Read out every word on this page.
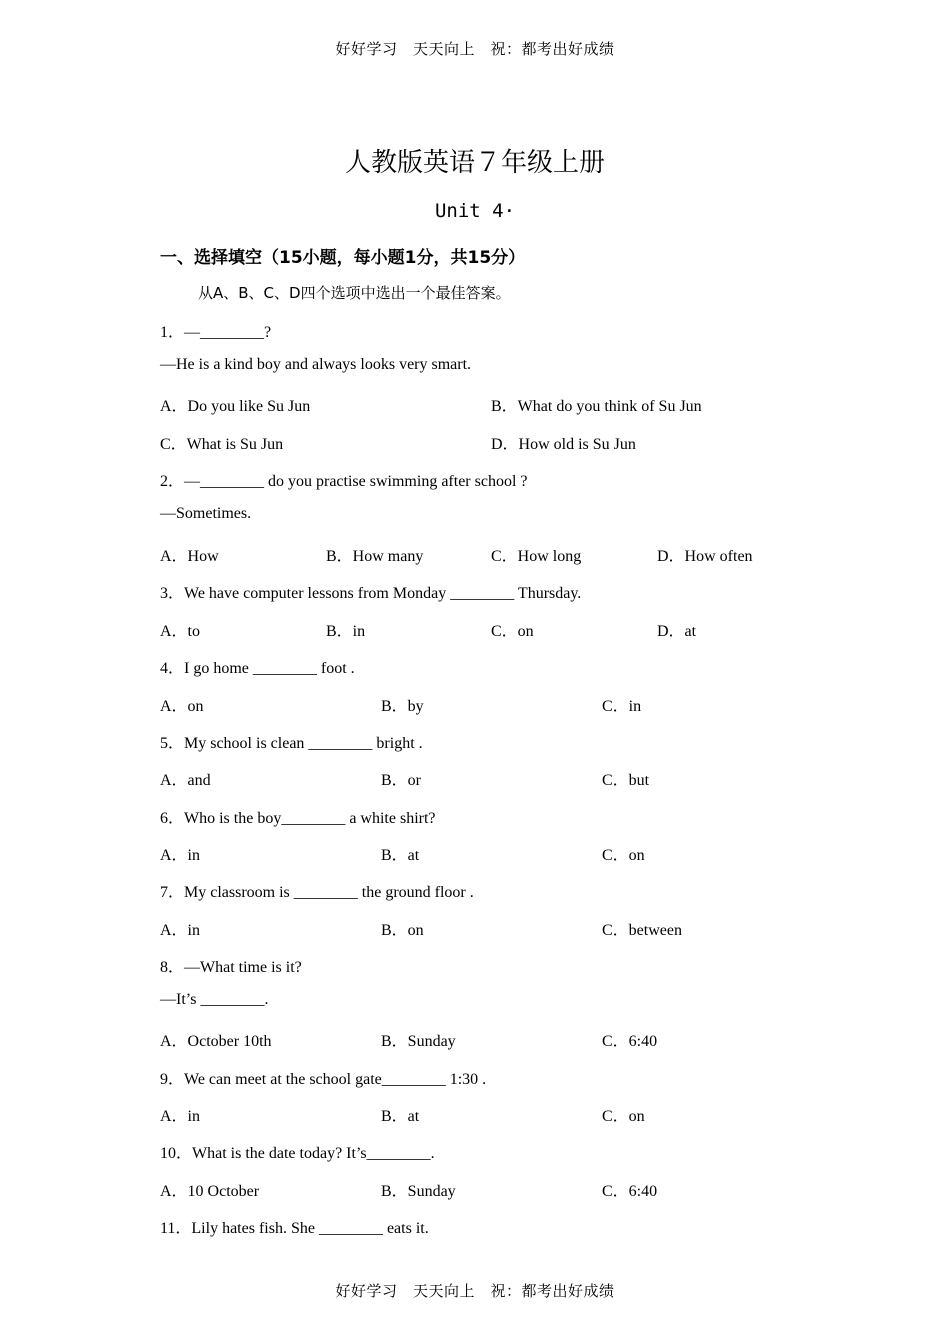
好好学习　天天向上　祝：都考出好成绩
人教版英语７年级上册
Unit 4·
一、选择填空（15小题，每小题1分，共15分）
从A、B、C、D四个选项中选出一个最佳答案。
1．—________?
—He is a kind boy and always looks very smart.
A．Do you like Su Jun	B．What do you think of Su Jun
C．What is Su Jun	D．How old is Su Jun
2．—________ do you practise swimming after school ?
—Sometimes.
A．How	B．How many	C．How long	D．How often
3．We have computer lessons from Monday ________ Thursday.
A．to	B．in	C．on	D．at
4．I go home ________ foot .
A．on	B．by	C．in
5．My school is clean ________ bright .
A．and	B．or	C．but
6．Who is the boy________ a white shirt?
A．in	B．at	C．on
7．My classroom is ________ the ground floor .
A．in	B．on	C．between
8．—What time is it?
—It’s ________.
A．October 10th	B．Sunday	C．6:40
9．We can meet at the school gate________ 1:30 .
A．in	B．at	C．on
10．What is the date today? It’s________.
A．10 October	B．Sunday	C．6:40
11．Lily hates fish. She ________ eats it.
好好学习　天天向上　祝：都考出好成绩
